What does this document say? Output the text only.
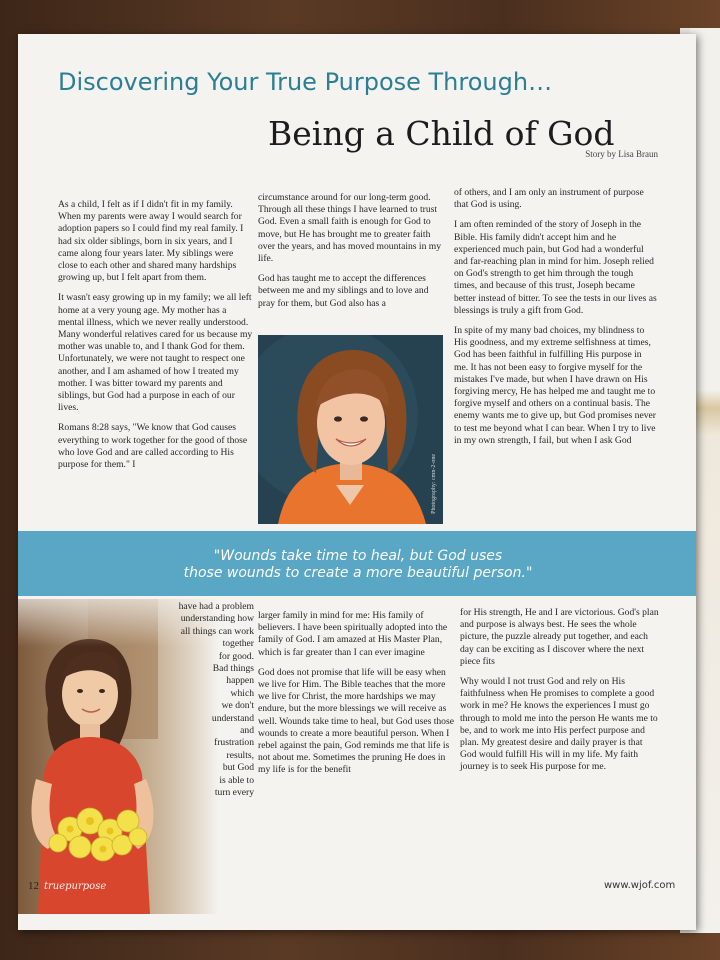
Discovering Your True Purpose Through…
Being a Child of God
Story by Lisa Braun

As a child, I felt as if I didn't fit in my family. When my parents were away I would search for adoption papers so I could find my real family. I had six older siblings, born in six years, and I came along four years later. My siblings were close to each other and shared many hardships growing up, but I felt apart from them.

It wasn't easy growing up in my family; we all left home at a very young age. My mother has a mental illness, which we never really understood. Many wonderful relatives cared for us because my mother was unable to, and I thank God for them. Unfortunately, we were not taught to respect one another, and I am ashamed of how I treated my mother. I was bitter toward my parents and siblings, but God had a purpose in each of our lives.

Romans 8:28 says, "We know that God causes everything to work together for the good of those who love God and are called according to His purpose for them." I

circumstance around for our long-term good. Through all these things I have learned to trust God. Even a small faith is enough for God to move, but He has brought me to greater faith over the years, and has moved mountains in my life.

God has taught me to accept the differences between me and my siblings and to love and pray for them, but God also has a

Photography: cmn-2-one

of others, and I am only an instrument of purpose that God is using.

I am often reminded of the story of Joseph in the Bible. His family didn't accept him and he experienced much pain, but God had a wonderful and far-reaching plan in mind for him. Joseph relied on God's strength to get him through the tough times, and because of this trust, Joseph became better instead of bitter. To see the tests in our lives as blessings is truly a gift from God.

In spite of my many bad choices, my blindness to His goodness, and my extreme selfishness at times, God has been faithful in fulfilling His purpose in me. It has not been easy to forgive myself for the mistakes I've made, but when I have drawn on His forgiving mercy, He has helped me and taught me to forgive myself and others on a continual basis. The enemy wants me to give up, but God promises never to test me beyond what I can bear. When I try to live in my own strength, I fail, but when I ask God

"Wounds take time to heal, but God uses
those wounds to create a more beautiful person."
have had a problem
understanding how
all things can work
together
for good.
Bad things
happen
which
we don't
understand
and
frustration
results,
but God
is able to
turn every

larger family in mind for me: His family of believers. I have been spiritually adopted into the family of God. I am amazed at His Master Plan, which is far greater than I can ever imagine

God does not promise that life will be easy when we live for Him. The Bible teaches that the more we live for Christ, the more hardships we may endure, but the more blessings we will receive as well. Wounds take time to heal, but God uses those wounds to create a more beautiful person. When I rebel against the pain, God reminds me that life is not about me. Sometimes the pruning He does in my life is for the benefit

for His strength, He and I are victorious. God's plan and purpose is always best. He sees the whole picture, the puzzle already put together, and each day can be exciting as I discover where the next piece fits

Why would I not trust God and rely on His faithfulness when He promises to complete a good work in me? He knows the experiences I must go through to mold me into the person He wants me to be, and to work me into His perfect purpose and plan. My greatest desire and daily prayer is that God would fulfill His will in my life. My faith journey is to seek His purpose for me.

12 truepurpose	www.wjof.com
